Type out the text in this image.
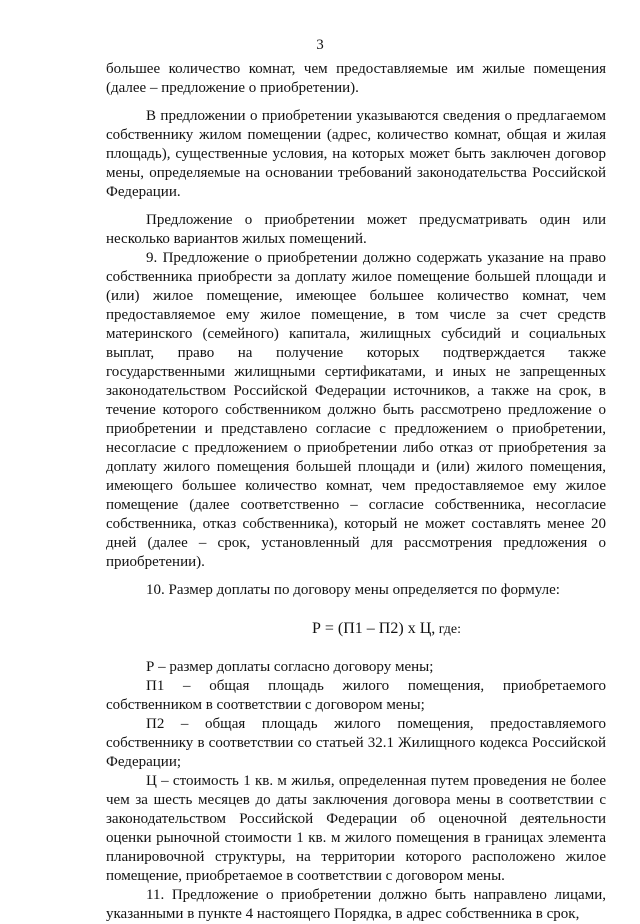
3

большее количество комнат, чем предоставляемые им жилые помещения (далее – предложение о приобретении).

В предложении о приобретении указываются сведения о предлагаемом собственнику жилом помещении (адрес, количество комнат, общая и жилая площадь), существенные условия, на которых может быть заключен договор мены, определяемые на основании требований законодательства Российской Федерации.

Предложение о приобретении может предусматривать один или несколько вариантов жилых помещений.

9. Предложение о приобретении должно содержать указание на право собственника приобрести за доплату жилое помещение большей площади и (или) жилое помещение, имеющее большее количество комнат, чем предоставляемое ему жилое помещение, в том числе за счет средств материнского (семейного) капитала, жилищных субсидий и социальных выплат, право на получение которых подтверждается также государственными жилищными сертификатами, и иных не запрещенных законодательством Российской Федерации источников, а также на срок, в течение которого собственником должно быть рассмотрено предложение о приобретении и представлено согласие с предложением о приобретении, несогласие с предложением о приобретении либо отказ от приобретения за доплату жилого помещения большей площади и (или) жилого помещения, имеющего большее количество комнат, чем предоставляемое ему жилое помещение (далее соответственно – согласие собственника, несогласие собственника, отказ собственника), который не может составлять менее 20 дней (далее – срок, установленный для рассмотрения предложения о приобретении).

10. Размер доплаты по договору мены определяется по формуле:

Р = (П1 – П2) х Ц, где:

Р – размер доплаты согласно договору мены;

П1 – общая площадь жилого помещения, приобретаемого собственником в соответствии с договором мены;

П2 – общая площадь жилого помещения, предоставляемого собственнику в соответствии со статьей 32.1 Жилищного кодекса Российской Федерации;

Ц – стоимость 1 кв. м жилья, определенная путем проведения не более чем за шесть месяцев до даты заключения договора мены в соответствии с законодательством Российской Федерации об оценочной деятельности оценки рыночной стоимости 1 кв. м жилого помещения в границах элемента планировочной структуры, на территории которого расположено жилое помещение, приобретаемое в соответствии с договором мены.

11. Предложение о приобретении должно быть направлено лицами, указанными в пункте 4 настоящего Порядка, в адрес собственника в срок,
